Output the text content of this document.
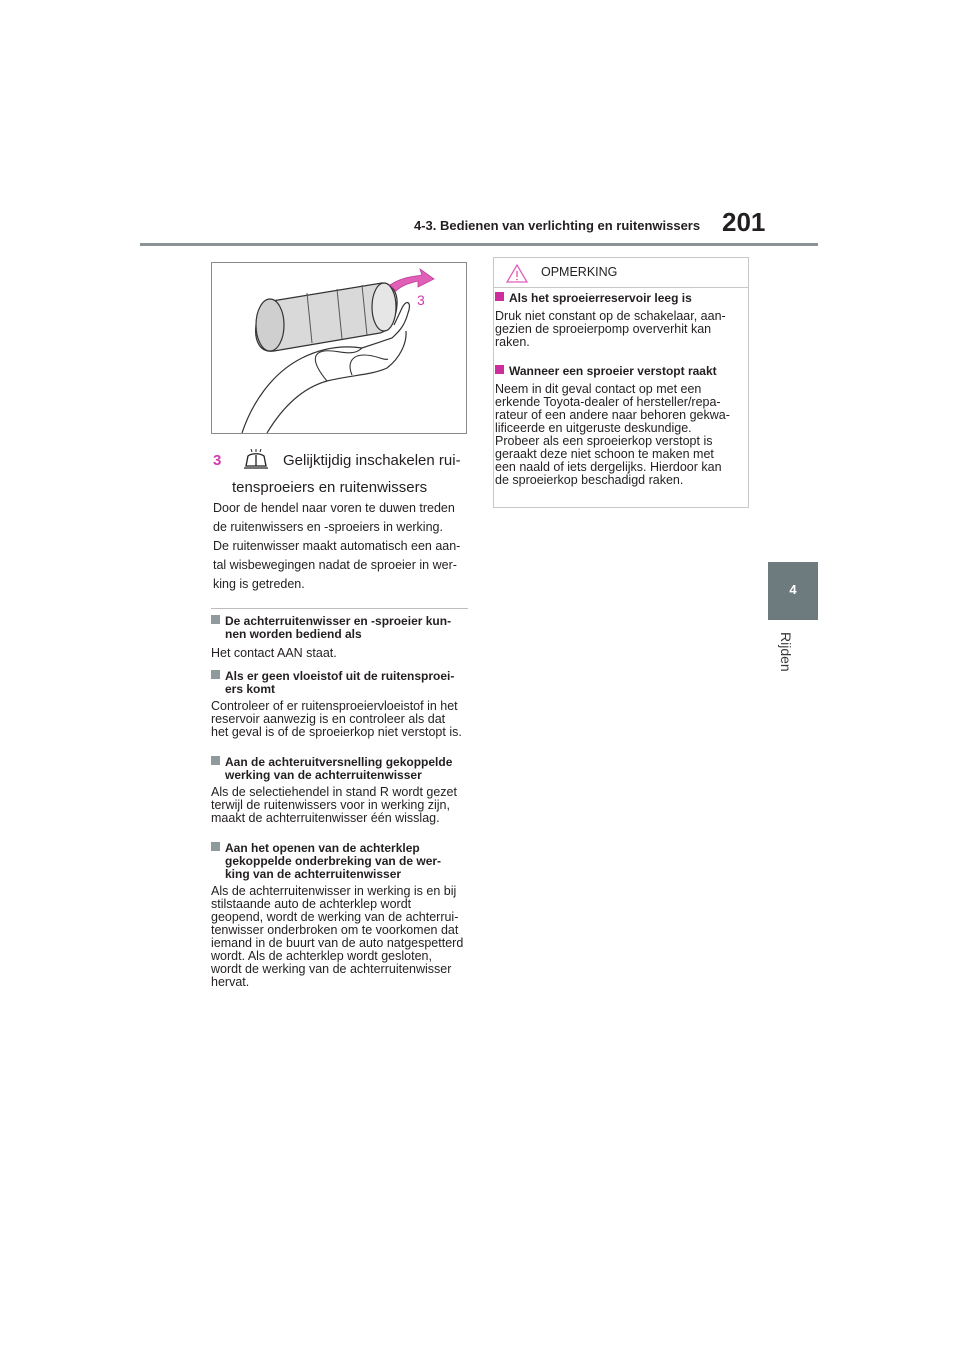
4-3. Bedienen van verlichting en ruitenwissers 201
4
Rijden
3
3	Gelijktijdig inschakelen rui-
tensproeiers en ruitenwissers
Door de hendel naar voren te duwen treden
de ruitenwissers en -sproeiers in werking.
De ruitenwisser maakt automatisch een aan-
tal wisbewegingen nadat de sproeier in wer-
king is getreden.
De achterruitenwisser en -sproeier kun-
nen worden bediend als
Het contact AAN staat.
Als er geen vloeistof uit de ruitensproei-
ers komt
Controleer of er ruitensproeiervloeistof in het
reservoir aanwezig is en controleer als dat
het geval is of de sproeierkop niet verstopt is.
Aan de achteruitversnelling gekoppelde
werking van de achterruitenwisser
Als de selectiehendel in stand R wordt gezet
terwijl de ruitenwissers voor in werking zijn,
maakt de achterruitenwisser één wisslag.
Aan het openen van de achterklep
gekoppelde onderbreking van de wer-
king van de achterruitenwisser
Als de achterruitenwisser in werking is en bij
stilstaande auto de achterklep wordt
geopend, wordt de werking van de achterrui-
tenwisser onderbroken om te voorkomen dat
iemand in de buurt van de auto natgespetterd
wordt. Als de achterklep wordt gesloten,
wordt de werking van de achterruitenwisser
hervat.
OPMERKING
Als het sproeierreservoir leeg is
Druk niet constant op de schakelaar, aan-
gezien de sproeierpomp oververhit kan
raken.
Wanneer een sproeier verstopt raakt
Neem in dit geval contact op met een
erkende Toyota-dealer of hersteller/repa-
rateur of een andere naar behoren gekwa-
lificeerde en uitgeruste deskundige.
Probeer als een sproeierkop verstopt is
geraakt deze niet schoon te maken met
een naald of iets dergelijks. Hierdoor kan
de sproeierkop beschadigd raken.
